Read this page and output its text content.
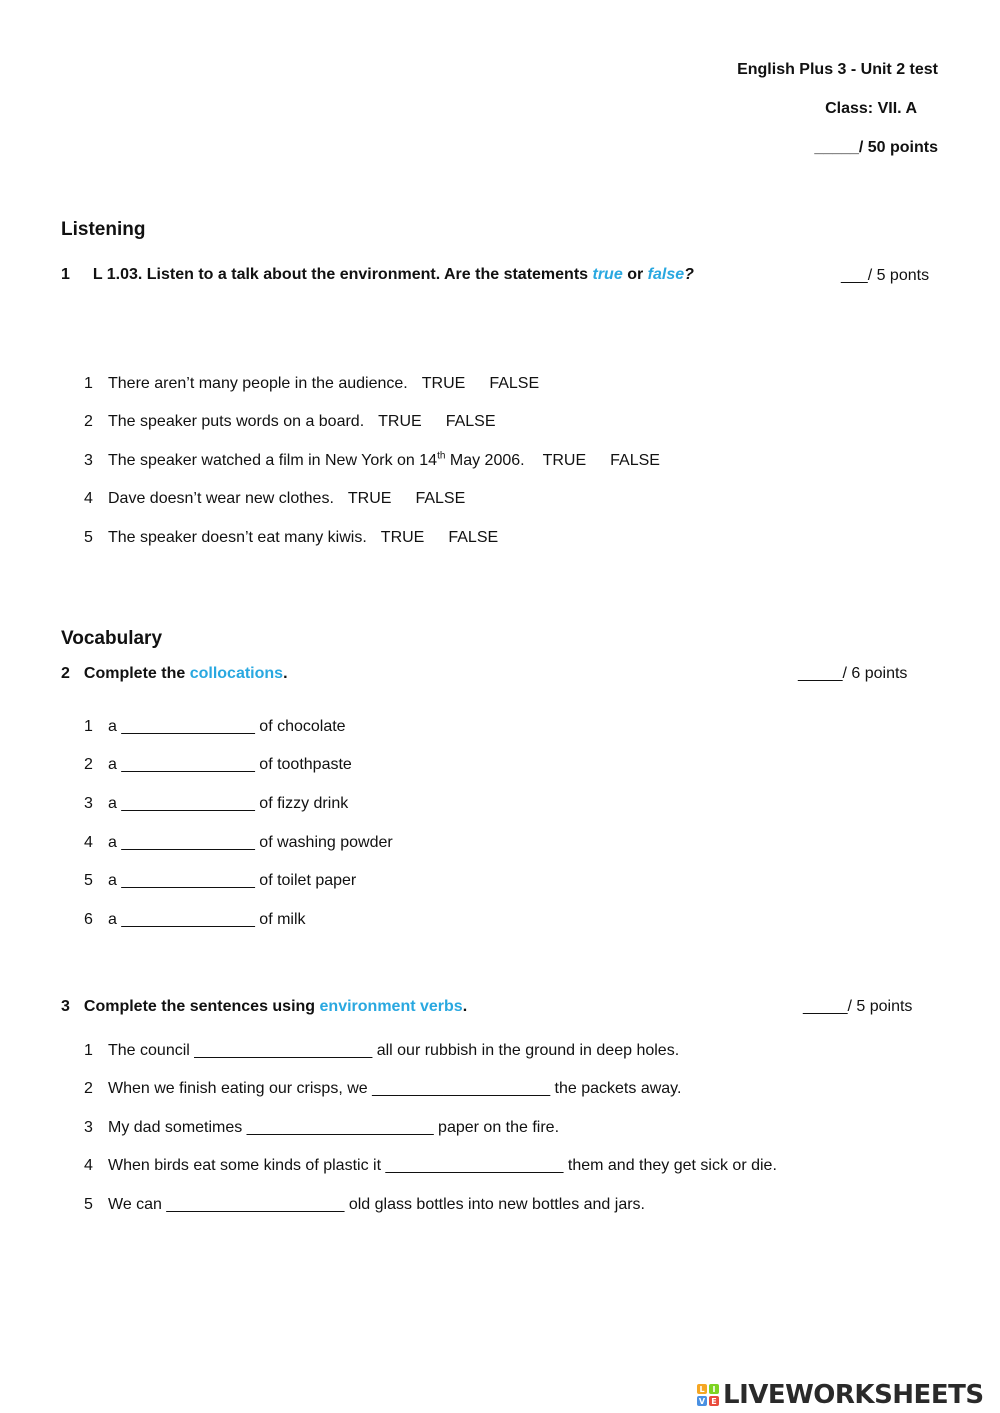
English Plus 3 - Unit 2 test
Class: VII. A
_____/ 50 points
Listening
1 L 1.03. Listen to a talk about the environment. Are the statements true or false?	___/ 5 ponts
1 There aren’t many people in the audience. TRUE FALSE
2 The speaker puts words on a board. TRUE FALSE
3 The speaker watched a film in New York on 14th May 2006. TRUE FALSE
4 Dave doesn’t wear new clothes. TRUE FALSE
5 The speaker doesn’t eat many kiwis. TRUE FALSE
Vocabulary
2 Complete the collocations.	_____/ 6 points
1 a _______________ of chocolate
2 a _______________ of toothpaste
3 a _______________ of fizzy drink
4 a _______________ of washing powder
5 a _______________ of toilet paper
6 a _______________ of milk
3 Complete the sentences using environment verbs.	_____/ 5 points
1 The council ____________________ all our rubbish in the ground in deep holes.
2 When we finish eating our crisps, we ____________________ the packets away.
3 My dad sometimes _____________________ paper on the fire.
4 When birds eat some kinds of plastic it ____________________ them and they get sick or die.
5 We can ____________________ old glass bottles into new bottles and jars.
L I
V E LIVEWORKSHEETS
